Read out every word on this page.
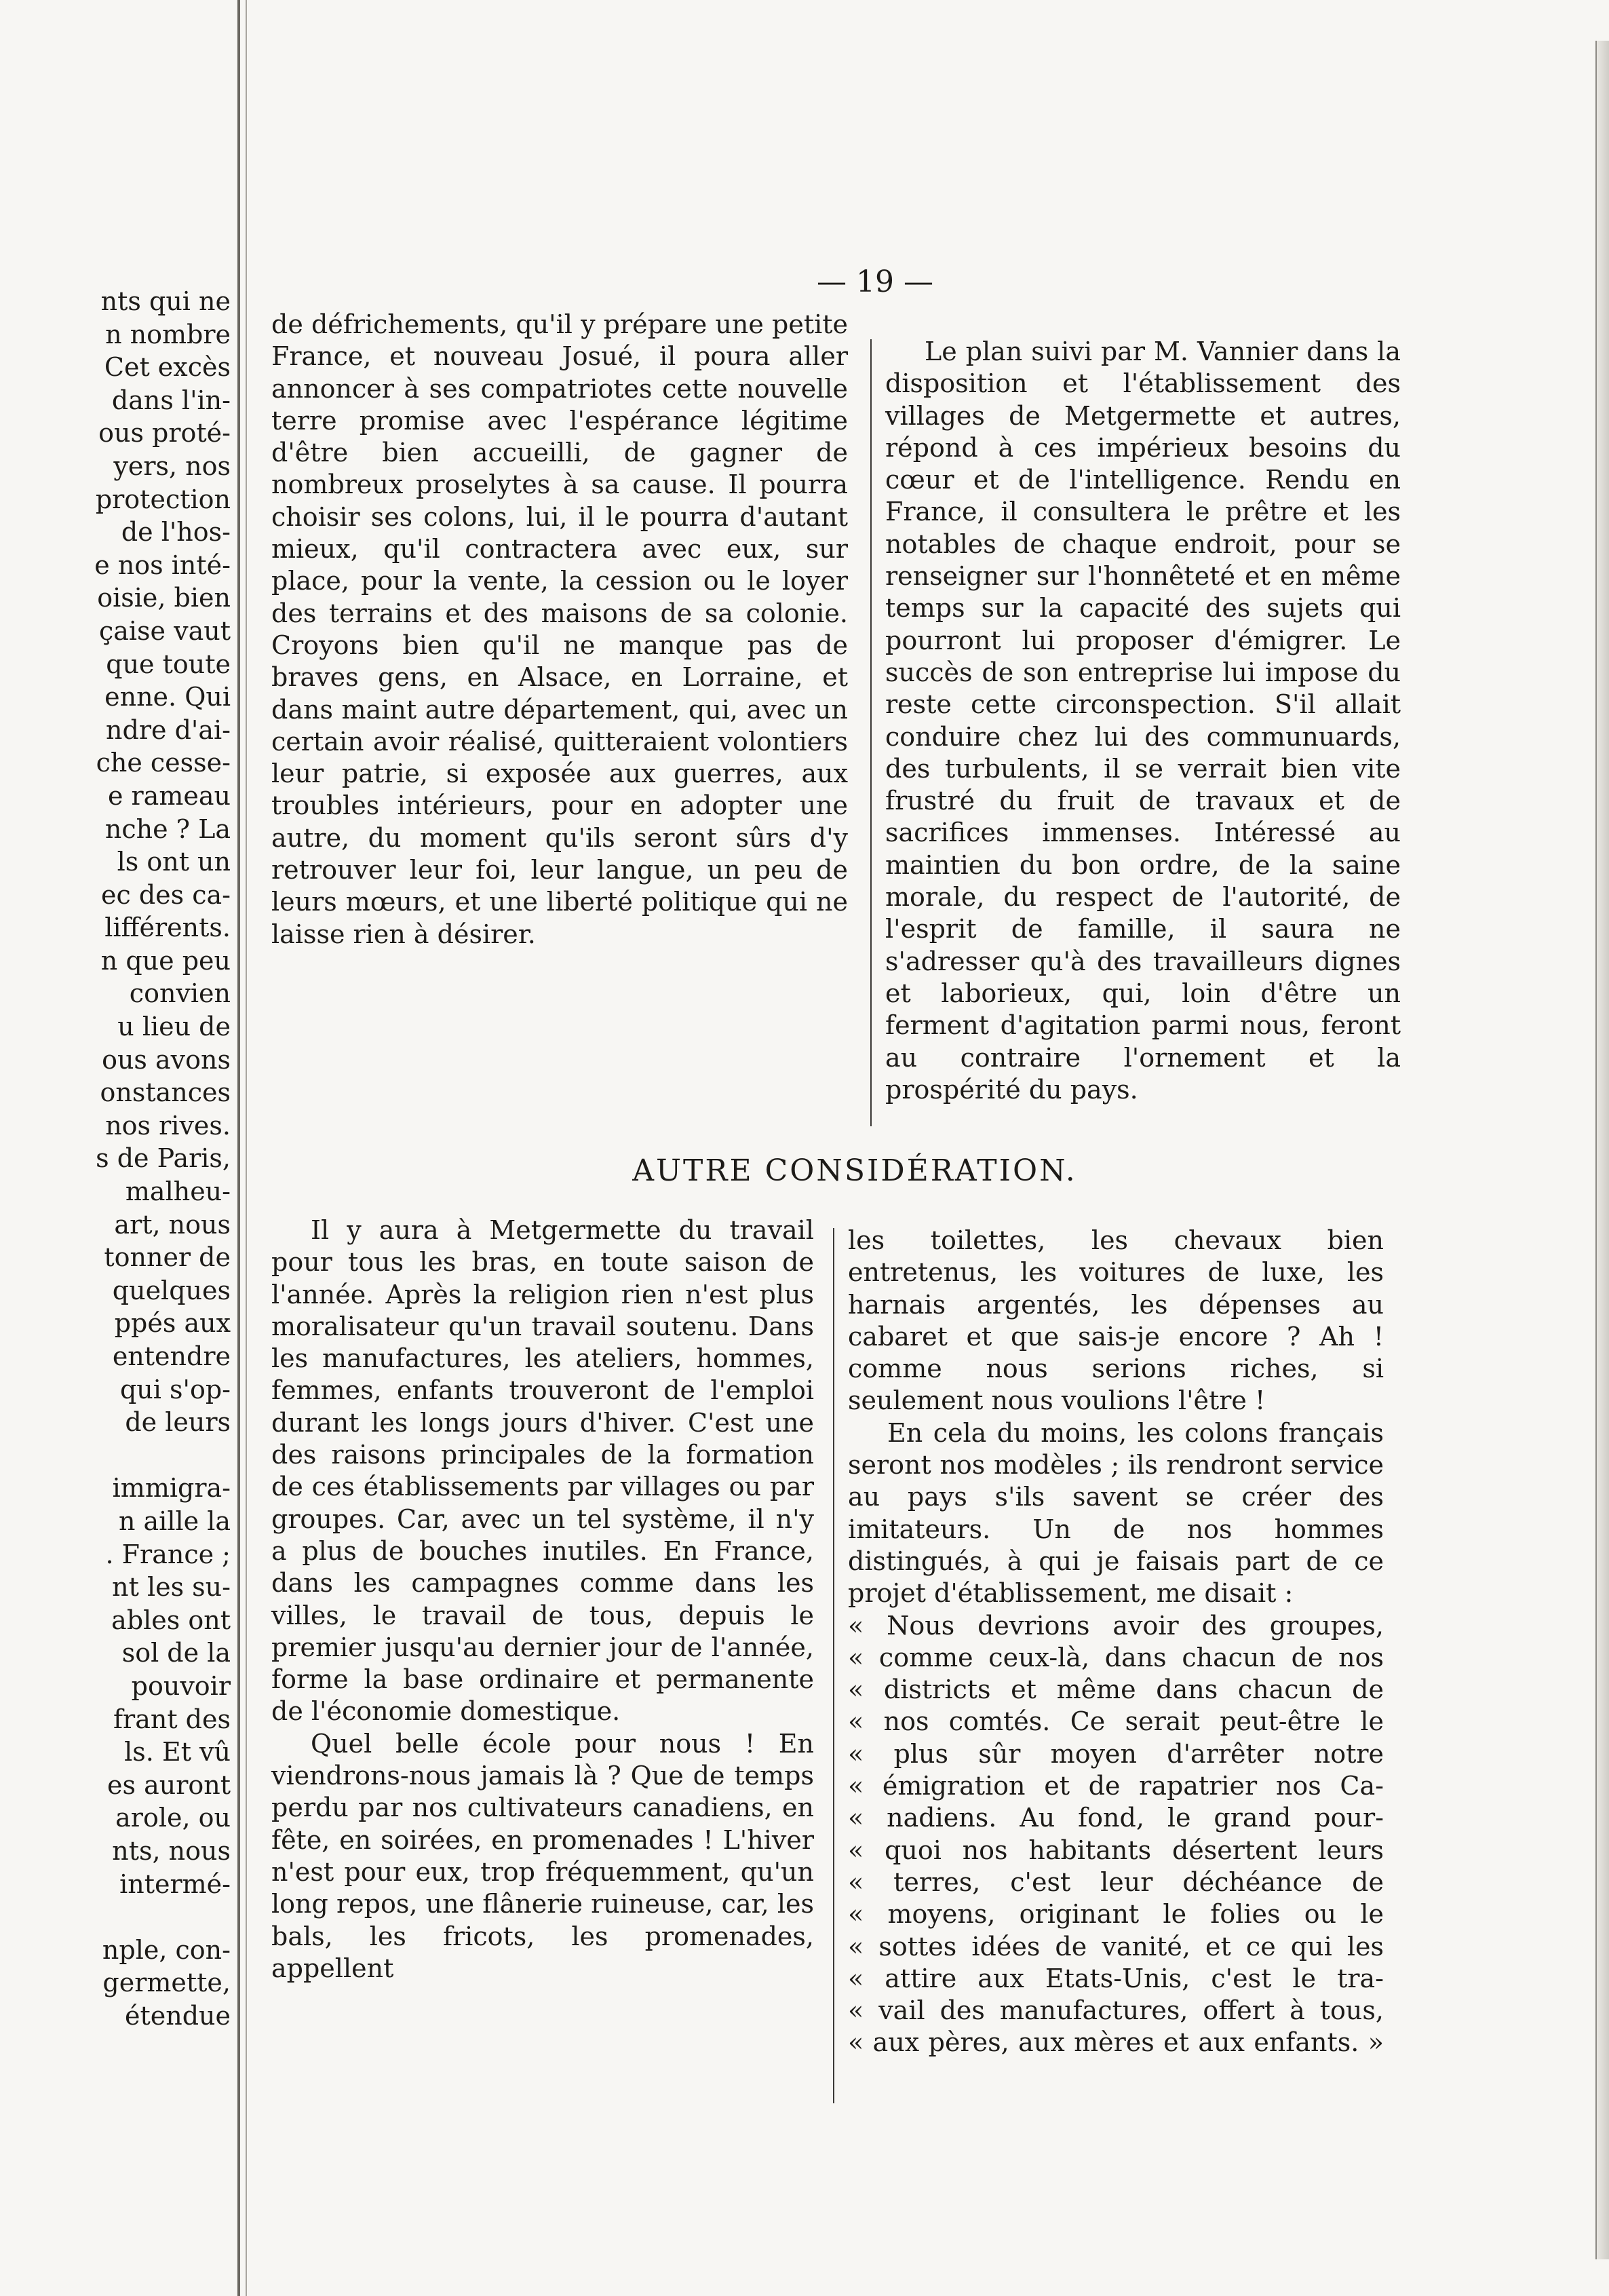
nts qui ne
n nombre
Cet excès
dans l'in-
ous proté-
yers, nos
protection
de l'hos-
e nos inté-
oisie, bien
çaise vaut
que toute
enne. Qui
ndre d'ai-
che cesse-
e rameau
nche ? La
ls ont un
ec des ca-
lifférents.
n que peu
convien
u lieu de
ous avons
onstances
nos rives.
s de Paris,
malheu-
art, nous
tonner de
quelques
ppés aux
entendre
qui s'op-
de leurs
immigra-
n aille la
. France ;
nt les su-
ables ont
sol de la
pouvoir
frant des
ls. Et vû
es auront
arole, ou
nts, nous
intermé-
nple, con-
germette,
étendue
— 19 —

de défrichements, qu'il y prépare une petite France, et nouveau Josué, il poura aller annoncer à ses compatriotes cette nouvelle terre promise avec l'espérance légitime d'être bien accueilli, de gagner de nombreux proselytes à sa cause. Il pourra choisir ses colons, lui, il le pourra d'autant mieux, qu'il contractera avec eux, sur place, pour la vente, la cession ou le loyer des terrains et des maisons de sa colonie. Croyons bien qu'il ne manque pas de braves gens, en Alsace, en Lorraine, et dans maint autre département, qui, avec un certain avoir réalisé, quitteraient volontiers leur patrie, si exposée aux guerres, aux troubles intérieurs, pour en adopter une autre, du moment qu'ils seront sûrs d'y retrouver leur foi, leur langue, un peu de leurs mœurs, et une liberté politique qui ne laisse rien à désirer.

Le plan suivi par M. Vannier dans la disposition et l'établissement des villages de Metgermette et autres, répond à ces impérieux besoins du cœur et de l'intelligence. Rendu en France, il consultera le prêtre et les notables de chaque endroit, pour se renseigner sur l'honnêteté et en même temps sur la capacité des sujets qui pourront lui proposer d'émigrer. Le succès de son entreprise lui impose du reste cette circonspection. S'il allait conduire chez lui des communuards, des turbulents, il se verrait bien vite frustré du fruit de travaux et de sacrifices immenses. Intéressé au maintien du bon ordre, de la saine morale, du respect de l'autorité, de l'esprit de famille, il saura ne s'adresser qu'à des travailleurs dignes et laborieux, qui, loin d'être un ferment d'agitation parmi nous, feront au contraire l'ornement et la prospérité du pays.

AUTRE CONSIDÉRATION.

Il y aura à Metgermette du travail pour tous les bras, en toute saison de l'année. Après la religion rien n'est plus moralisateur qu'un travail soutenu. Dans les manufactures, les ateliers, hommes, femmes, enfants trouveront de l'emploi durant les longs jours d'hiver. C'est une des raisons principales de la formation de ces établissements par villages ou par groupes. Car, avec un tel système, il n'y a plus de bouches inutiles. En France, dans les campagnes comme dans les villes, le travail de tous, depuis le premier jusqu'au dernier jour de l'année, forme la base ordinaire et permanente de l'économie domestique.

Quel belle école pour nous ! En viendrons-nous jamais là ? Que de temps perdu par nos cultivateurs canadiens, en fête, en soirées, en promenades ! L'hiver n'est pour eux, trop fréquemment, qu'un long repos, une flânerie ruineuse, car, les bals, les fricots, les promenades, appellent

les toilettes, les chevaux bien entretenus, les voitures de luxe, les harnais argentés, les dépenses au cabaret et que sais-je encore ? Ah ! comme nous serions riches, si seulement nous voulions l'être !

En cela du moins, les colons français seront nos modèles ; ils rendront service au pays s'ils savent se créer des imitateurs. Un de nos hommes distingués, à qui je faisais part de ce projet d'établissement, me disait :

« Nous devrions avoir des groupes,

« comme ceux-là, dans chacun de nos

« districts et même dans chacun de

« nos comtés. Ce serait peut-être le

« plus sûr moyen d'arrêter notre

« émigration et de rapatrier nos Ca-

« nadiens. Au fond, le grand pour-

« quoi nos habitants désertent leurs

« terres, c'est leur déchéance de

« moyens, originant le folies ou le

« sottes idées de vanité, et ce qui les

« attire aux Etats-Unis, c'est le tra-

« vail des manufactures, offert à tous,

« aux pères, aux mères et aux enfants. »
